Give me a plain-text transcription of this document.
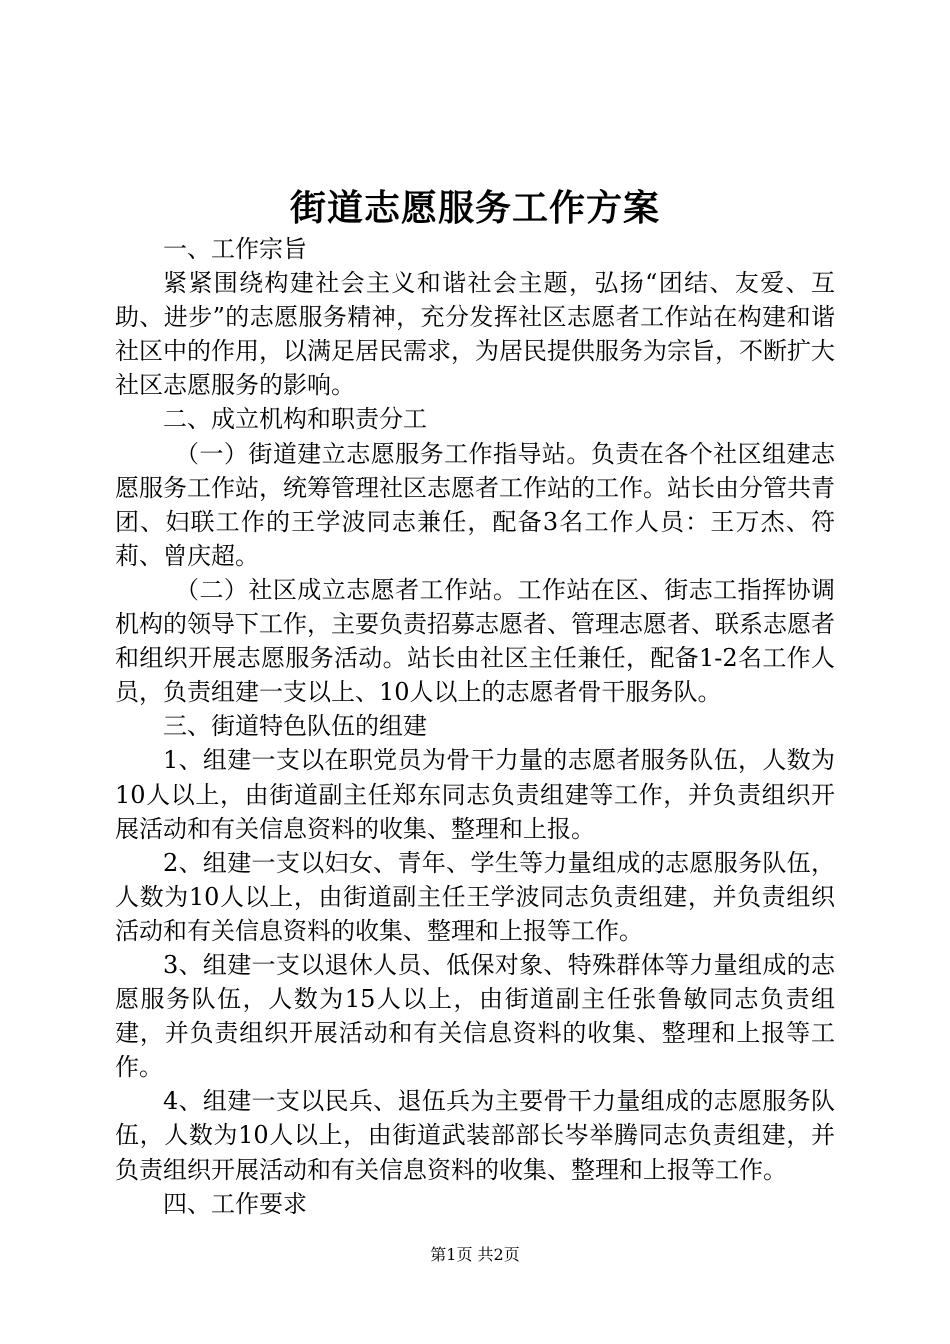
街道志愿服务工作方案

一、工作宗旨

紧紧围绕构建社会主义和谐社会主题，弘扬“团结、友爱、互助、进步”的志愿服务精神，充分发挥社区志愿者工作站在构建和谐社区中的作用，以满足居民需求，为居民提供服务为宗旨，不断扩大社区志愿服务的影响。

二、成立机构和职责分工

（一）街道建立志愿服务工作指导站。负责在各个社区组建志愿服务工作站，统筹管理社区志愿者工作站的工作。站长由分管共青团、妇联工作的王学波同志兼任，配备3名工作人员：王万杰、符莉、曾庆超。

（二）社区成立志愿者工作站。工作站在区、街志工指挥协调机构的领导下工作，主要负责招募志愿者、管理志愿者、联系志愿者和组织开展志愿服务活动。站长由社区主任兼任，配备1-2名工作人员，负责组建一支以上、10人以上的志愿者骨干服务队。

三、街道特色队伍的组建

1、组建一支以在职党员为骨干力量的志愿者服务队伍，人数为10人以上，由街道副主任郑东同志负责组建等工作，并负责组织开展活动和有关信息资料的收集、整理和上报。

2、组建一支以妇女、青年、学生等力量组成的志愿服务队伍，人数为10人以上，由街道副主任王学波同志负责组建，并负责组织活动和有关信息资料的收集、整理和上报等工作。

3、组建一支以退休人员、低保对象、特殊群体等力量组成的志愿服务队伍，人数为15人以上，由街道副主任张鲁敏同志负责组建，并负责组织开展活动和有关信息资料的收集、整理和上报等工作。

4、组建一支以民兵、退伍兵为主要骨干力量组成的志愿服务队伍，人数为10人以上，由街道武装部部长岑举腾同志负责组建，并负责组织开展活动和有关信息资料的收集、整理和上报等工作。

四、工作要求

第1页 共2页
